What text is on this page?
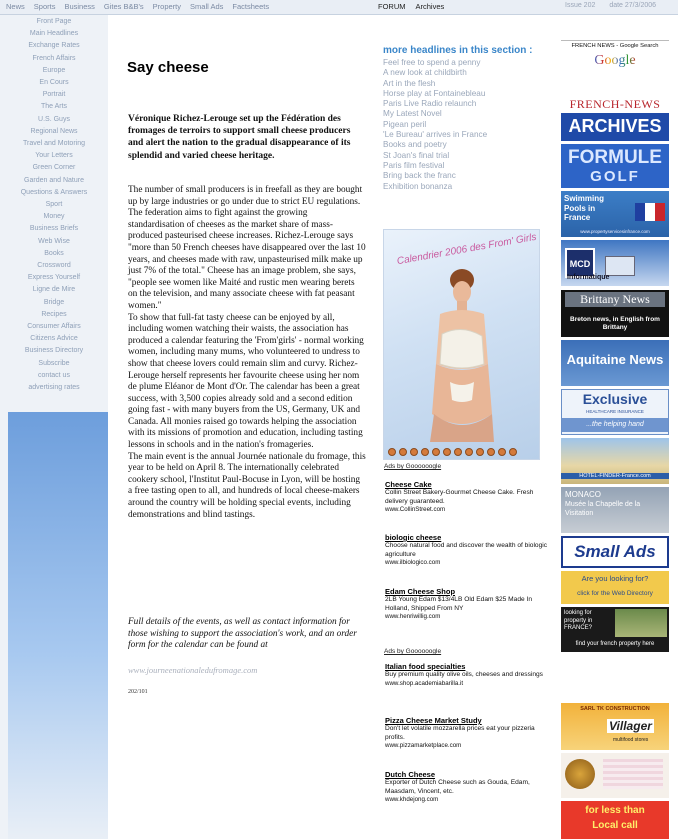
News Sports Business Gites B&B's Property Small Ads Factsheets	FORUM Archives	Issue 202 date 27/3/2006
Front Page
Main Headlines
Exchange Rates
French Affairs
Europe
En Cours
Portrait
The Arts
U.S. Guys
Regional News
Travel and Motoring
Your Letters
Green Corner
Garden and Nature
Questions & Answers
Sport
Money
Business Briefs
Web Wise
Books
Crossword
Express Yourself
Ligne de Mire
Bridge
Recipes
Consumer Affairs
Citizens Advice
Business Directory
Subscribe
contact us
advertising rates
Say cheese
Véronique Richez-Lerouge set up the Fédération des fromages de terroirs to support small cheese producers and alert the nation to the gradual disappearance of its splendid and varied cheese heritage.

The number of small producers is in freefall as they are bought up by large industries or go under due to strict EU regulations. The federation aims to fight against the growing standardisation of cheeses as the market share of mass-produced pasteurised cheese increases. Richez-Lerouge says "more than 50 French cheeses have disappeared over the last 10 years, and cheeses made with raw, unpasteurised milk make up just 7% of the total." Cheese has an image problem, she says, "people see women like Maité and rustic men wearing berets on the television, and many associate cheese with fat peasant women."

To show that full-fat tasty cheese can be enjoyed by all, including women watching their waists, the association has produced a calendar featuring the 'From'girls' - normal working women, including many mums, who volunteered to undress to show that cheese lovers could remain slim and curvy. Richez-Lerouge herself represents her favourite cheese using her nom de plume Eléanor de Mont d'Or. The calendar has been a great success, with 3,500 copies already sold and a second edition going fast - with many buyers from the US, Germany, UK and Canada. All monies raised go towards helping the association with its missions of promotion and education, including tasting lessons in schools and in the nation's fromageries.

The main event is the annual Journée nationale du fromage, this year to be held on April 8. The internationally celebrated cookery school, l'Institut Paul-Bocuse in Lyon, will be hosting a free tasting open to all, and hundreds of local cheese-makers around the country will be holding special events, including demonstrations and blind tastings.

Full details of the events, as well as contact information for those wishing to support the association's work, and an order form for the calendar can be found at
www.journeenationaledufromage.com
202/101
more headlines in this section :
Feel free to spend a penny
A new look at childbirth
Art in the flesh
Horse play at Fontainebleau
Paris Live Radio relaunch
My Latest Novel
Pigean peril
'Le Bureau' arrives in France
Books and poetry
St Joan's final trial
Paris film festival
Bring back the franc
Exhibition bonanza
Calendrier 2006 des From' Girls
Ads by Goooooogle
Cheese Cake
Collin Street Bakery-Gourmet Cheese Cake. Fresh delivery guaranteed.
www.CollinStreet.com
biologic cheese
Choose natural food and discover the wealth of biologic agriculture
www.ilbiologico.com
Edam Cheese Shop
2LB Young Edam $13/4LB Old Edam $25 Made In Holland, Shipped From NY
www.henriwillig.com
Ads by Goooooogle
Italian food specialties
Buy premium quality olive oils, cheeses and dressings
www.shop.academiabarilla.it
Pizza Cheese Market Study
Don't let volatile mozzarella prices eat your pizzeria profits.
www.pizzamarketplace.com
Dutch Cheese
Exporter of Dutch Cheese such as Gouda, Edam, Maasdam, Vincent, etc.
www.khdejong.com
FRENCH NEWS - Google Search
Google
FRENCH-NEWS
ARCHIVES
FORMULE
GOLF
Swimming Pools in France
www.propertyservicesinfrance.com
MCD
Informatique
Brittany News
Breton news, in English from Brittany
Aquitaine News
Exclusive
HEALTHCARE INSURANCE
...the helping hand
HOTEL-FINDER-France.com
MONACO
Musée la Chapelle de la Visitation
Small Ads
Are you looking for?
click for the Web Directory
looking for property in FRANCE?
find your french property here
SARL TK CONSTRUCTION
Villager
multifood stores
for less than
Local call
